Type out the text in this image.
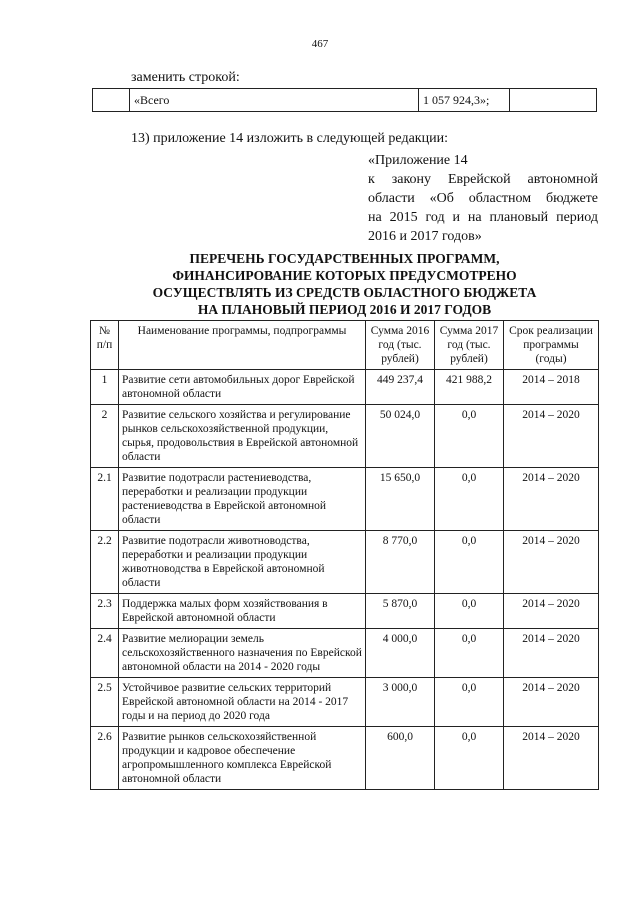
467
заменить строкой:
	«Всего	1 057 924,3»;	
13) приложение 14 изложить в следующей редакции:
«Приложение 14
к закону Еврейской автономной
области «Об областном бюджете
на 2015 год и на плановый период
2016 и 2017 годов»
ПЕРЕЧЕНЬ ГОСУДАРСТВЕННЫХ ПРОГРАММ,
ФИНАНСИРОВАНИЕ КОТОРЫХ ПРЕДУСМОТРЕНО
ОСУЩЕСТВЛЯТЬ ИЗ СРЕДСТВ ОБЛАСТНОГО БЮДЖЕТА
НА ПЛАНОВЫЙ ПЕРИОД 2016 И 2017 ГОДОВ
№ п/п	Наименование программы, подпрограммы	Сумма 2016 год (тыс. рублей)	Сумма 2017 год (тыс. рублей)	Срок реализации программы (годы)
1	Развитие сети автомобильных дорог Еврейской автономной области	449 237,4	421 988,2	2014 – 2018
2	Развитие сельского хозяйства и регулирование рынков сельскохозяйственной продукции, сырья, продовольствия в Еврейской автономной области	50 024,0	0,0	2014 – 2020
2.1	Развитие подотрасли растениеводства, переработки и реализации продукции растениеводства в Еврейской автономной области	15 650,0	0,0	2014 – 2020
2.2	Развитие подотрасли животноводства, переработки и реализации продукции животноводства в Еврейской автономной области	8 770,0	0,0	2014 – 2020
2.3	Поддержка малых форм хозяйствования в Еврейской автономной области	5 870,0	0,0	2014 – 2020
2.4	Развитие мелиорации земель сельскохозяйственного назначения по Еврейской автономной области на 2014 - 2020 годы	4 000,0	0,0	2014 – 2020
2.5	Устойчивое развитие сельских территорий Еврейской автономной области на 2014 - 2017 годы и на период до 2020 года	3 000,0	0,0	2014 – 2020
2.6	Развитие рынков сельскохозяйственной продукции и кадровое обеспечение агропромышленного комплекса Еврейской автономной области	600,0	0,0	2014 – 2020
